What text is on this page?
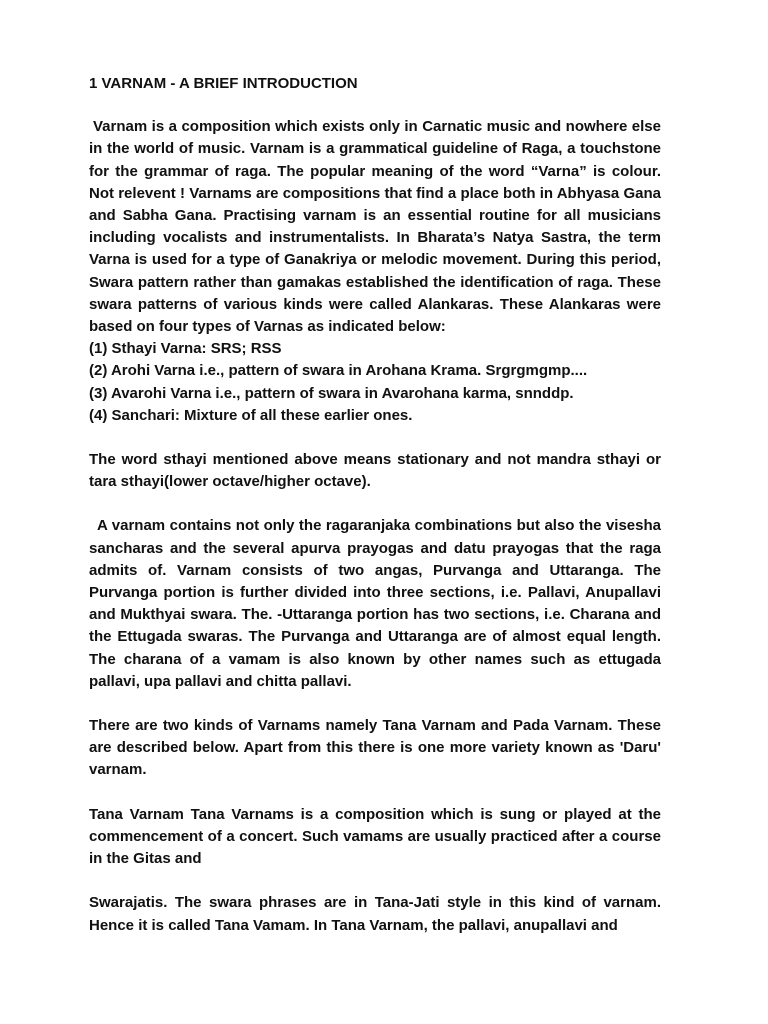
1 VARNAM - A BRIEF INTRODUCTION

Varnam is a composition which exists only in Carnatic music and nowhere else in the world of music. Varnam is a grammatical guideline of Raga, a touchstone for the grammar of raga. The popular meaning of the word “Varna” is colour. Not relevent ! Varnams are compositions that find a place both in Abhyasa Gana and Sabha Gana. Practising varnam is an essential routine for all musicians including vocalists and instrumentalists. In Bharata’s Natya Sastra, the term Varna is used for a type of Ganakriya or melodic movement. During this period, Swara pattern rather than gamakas established the identification of raga. These swara patterns of various kinds were called Alankaras. These Alankaras were based on four types of Varnas as indicated below:

(1) Sthayi Varna: SRS; RSS
(2) Arohi Varna i.e., pattern of swara in Arohana Krama. Srgrgmgmp....
(3) Avarohi Varna i.e., pattern of swara in Avarohana karma, snnddp.
(4) Sanchari: Mixture of all these earlier ones.

The word sthayi mentioned above means stationary and not mandra sthayi or tara sthayi(lower octave/higher octave).

A varnam contains not only the ragaranjaka combinations but also the visesha sancharas and the several apurva prayogas and datu prayogas that the raga admits of. Varnam consists of two angas, Purvanga and Uttaranga. The Purvanga portion is further divided into three sections, i.e. Pallavi, Anupallavi and Mukthyai swara. The. -Uttaranga portion has two sections, i.e. Charana and the Ettugada swaras. The Purvanga and Uttaranga are of almost equal length. The charana of a vamam is also known by other names such as ettugada pallavi, upa pallavi and chitta pallavi.

There are two kinds of Varnams namely Tana Varnam and Pada Varnam. These are described below. Apart from this there is one more variety known as 'Daru' varnam.

Tana Varnam Tana Varnams is a composition which is sung or played at the commencement of a concert. Such vamams are usually practiced after a course in the Gitas and

Swarajatis. The swara phrases are in Tana-Jati style in this kind of varnam. Hence it is called Tana Vamam. In Tana Varnam, the pallavi, anupallavi and
